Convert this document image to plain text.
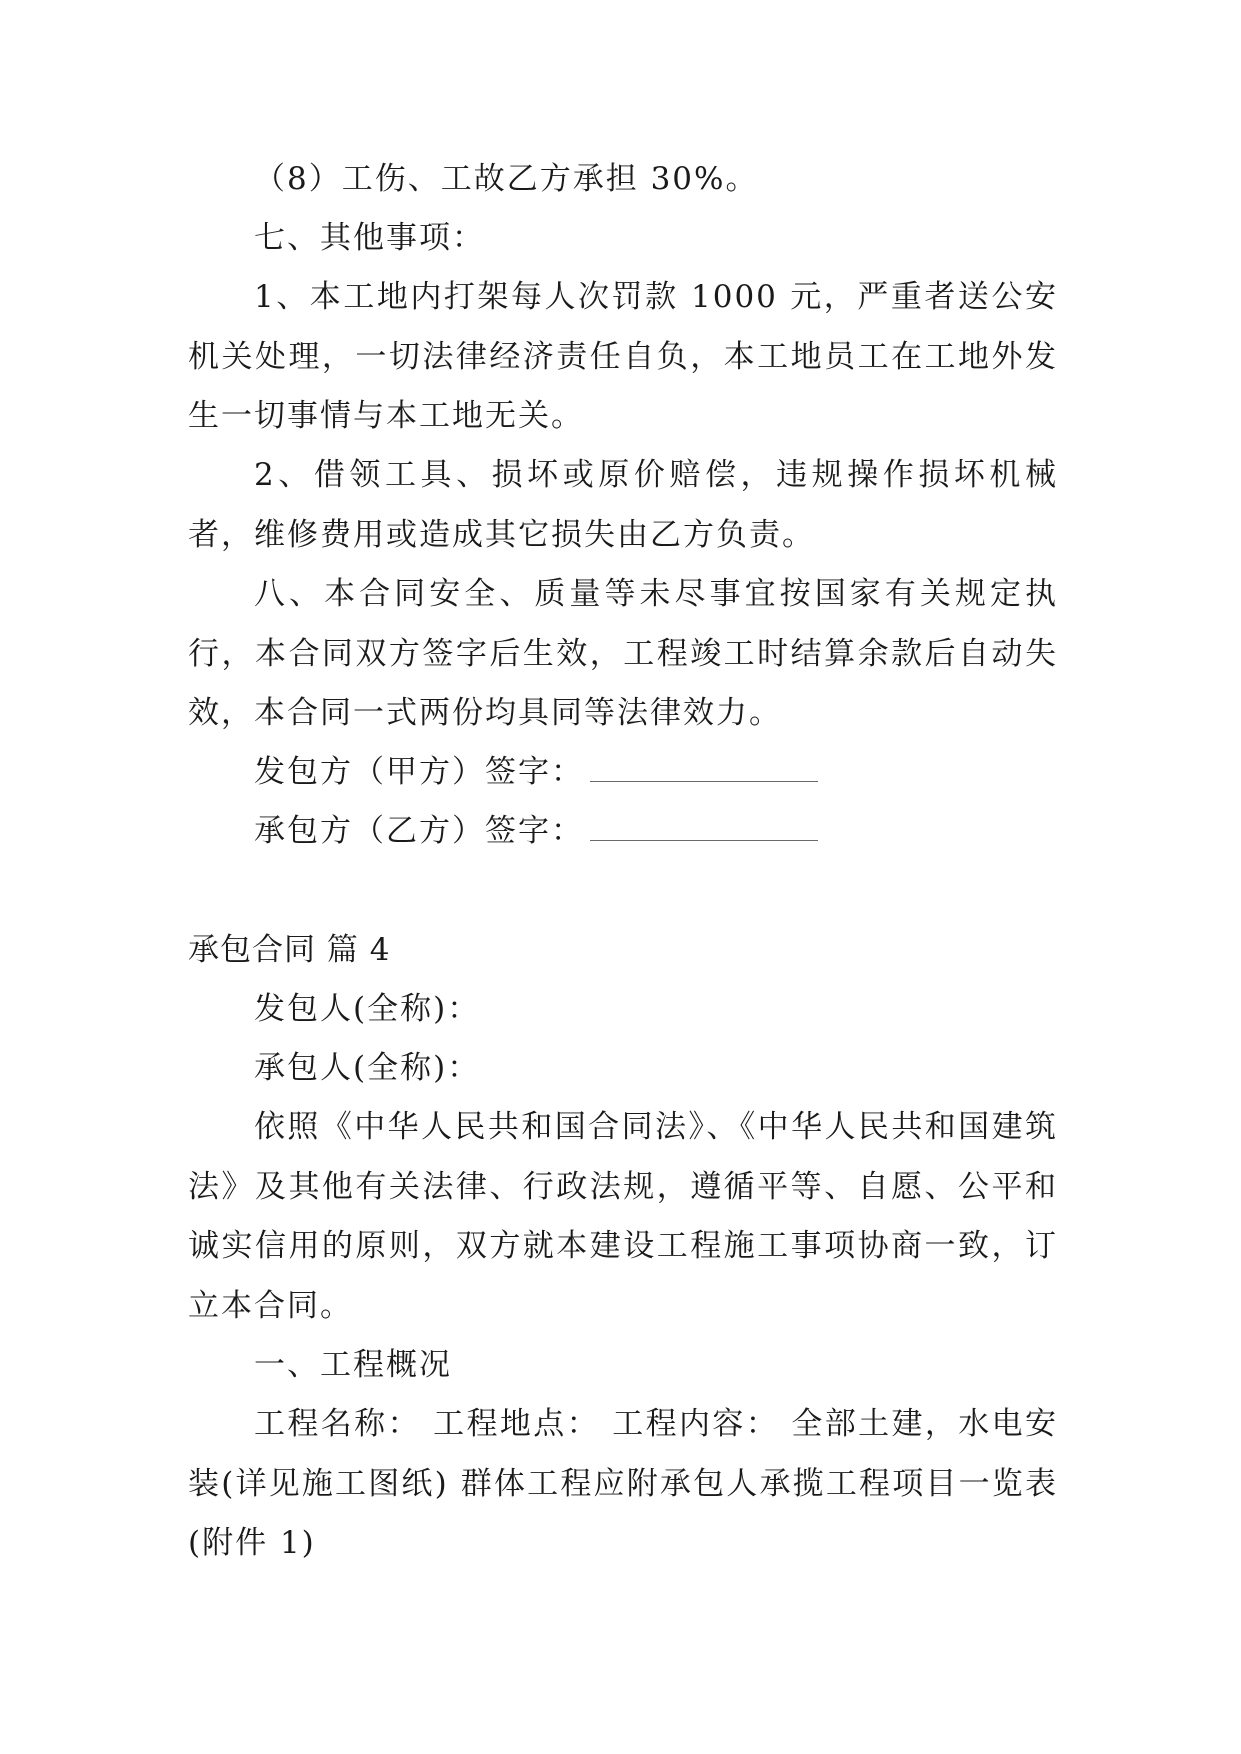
（8）工伤、工故乙方承担 30%。

七、其他事项：

1、本工地内打架每人次罚款 1000 元，严重者送公安机关处理，一切法律经济责任自负，本工地员工在工地外发生一切事情与本工地无关。

2、借领工具、损坏或原价赔偿，违规操作损坏机械者，维修费用或造成其它损失由乙方负责。

八、本合同安全、质量等未尽事宜按国家有关规定执行，本合同双方签字后生效，工程竣工时结算余款后自动失效，本合同一式两份均具同等法律效力。

发包方（甲方）签字：

承包方（乙方）签字：

承包合同 篇 4

发包人(全称)：

承包人(全称)：

依照《中华人民共和国合同法》、《中华人民共和国建筑法》及其他有关法律、行政法规，遵循平等、自愿、公平和诚实信用的原则，双方就本建设工程施工事项协商一致，订立本合同。

一、工程概况

工程名称： 工程地点： 工程内容： 全部土建，水电安装(详见施工图纸) 群体工程应附承包人承揽工程项目一览表(附件 1)
